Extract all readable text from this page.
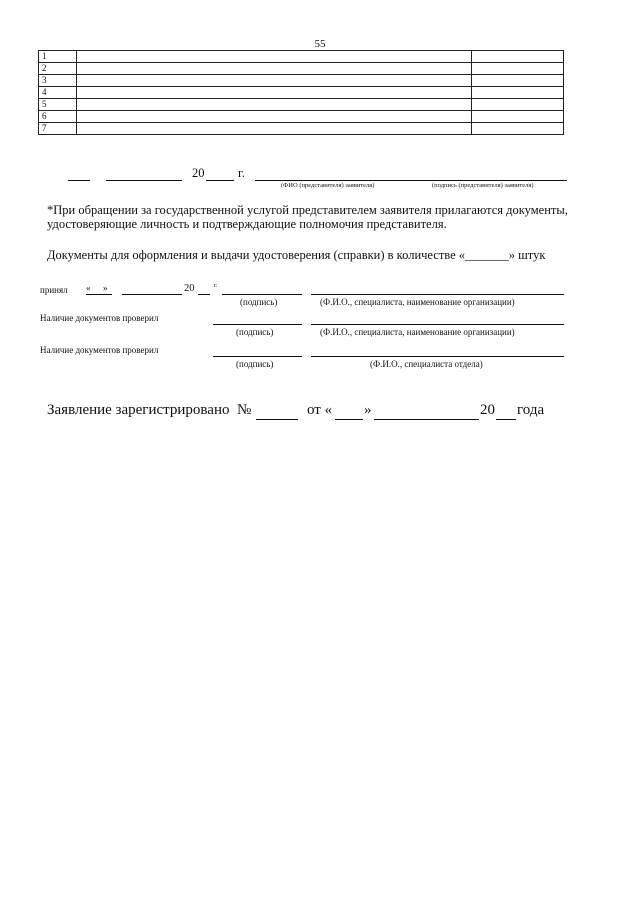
55
1		
2		
3		
4		
5		
6		
7		
20	г.
(ФИО (представителя) заявителя)	(подпись (представителя) заявителя)
*При обращении за государственной услугой представителем заявителя прилагаются документы,
удостоверяющие личность и подтверждающие полномочия представителя.
Документы для оформления и выдачи удостоверения (справки) в количестве «_______» штук
принял « »	20	г.
(подпись)	(Ф.И.О., специалиста, наименование организации)
Наличие документов проверил
(подпись)	(Ф.И.О., специалиста, наименование организации)
Наличие документов проверил
(подпись)	(Ф.И.О., специалиста отдела)
Заявление зарегистрировано №	от « »	20 года
